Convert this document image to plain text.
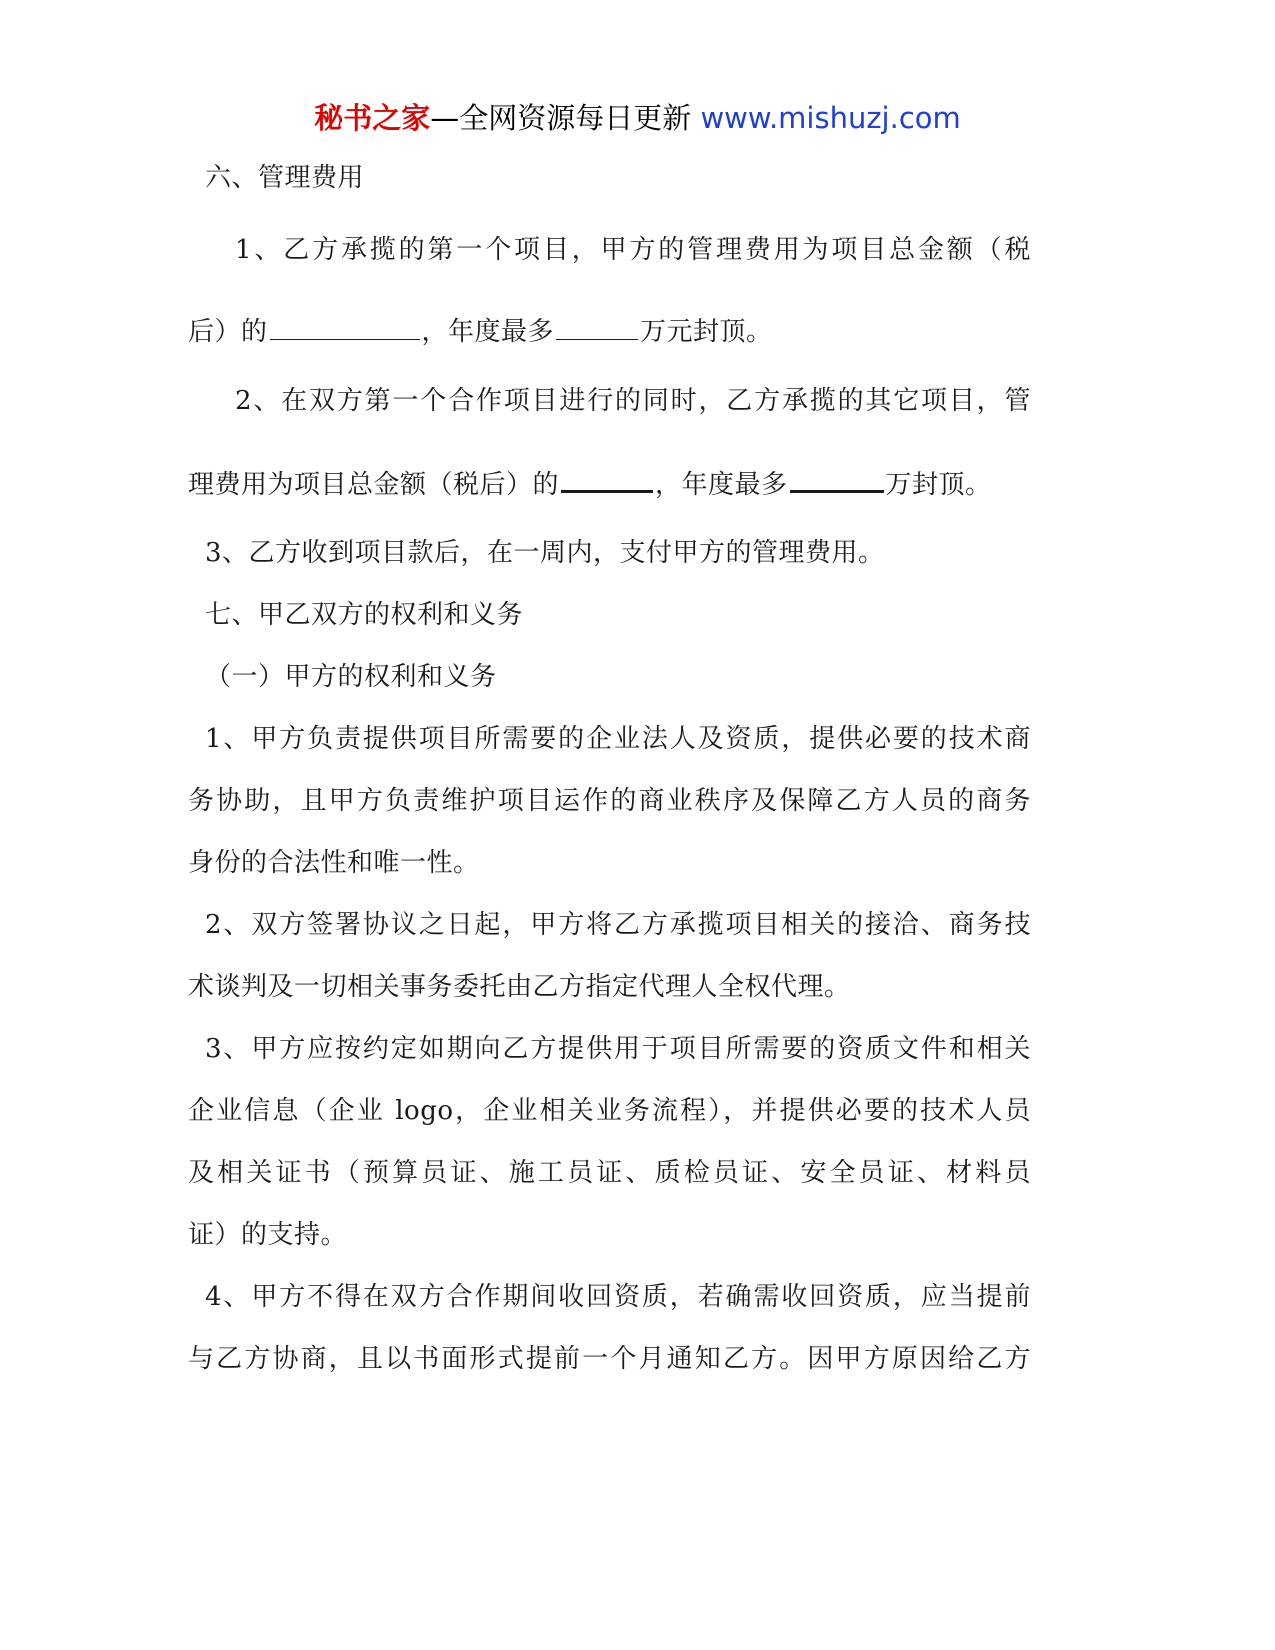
秘书之家—全网资源每日更新 www.mishuzj.com
六、管理费用
1、乙方承揽的第一个项目，甲方的管理费用为项目总金额（税
后）的	，年度最多	万元封顶。
2、在双方第一个合作项目进行的同时，乙方承揽的其它项目，管
理费用为项目总金额（税后）的	，年度最多	万封顶。
3、乙方收到项目款后，在一周内，支付甲方的管理费用。
七、甲乙双方的权利和义务
（一）甲方的权利和义务
1、甲方负责提供项目所需要的企业法人及资质，提供必要的技术商
务协助，且甲方负责维护项目运作的商业秩序及保障乙方人员的商务
身份的合法性和唯一性。
2、双方签署协议之日起，甲方将乙方承揽项目相关的接洽、商务技
术谈判及一切相关事务委托由乙方指定代理人全权代理。
3、甲方应按约定如期向乙方提供用于项目所需要的资质文件和相关
企业信息（企业 logo，企业相关业务流程），并提供必要的技术人员
及相关证书（预算员证、施工员证、质检员证、安全员证、材料员
证）的支持。
4、甲方不得在双方合作期间收回资质，若确需收回资质，应当提前
与乙方协商，且以书面形式提前一个月通知乙方。因甲方原因给乙方
